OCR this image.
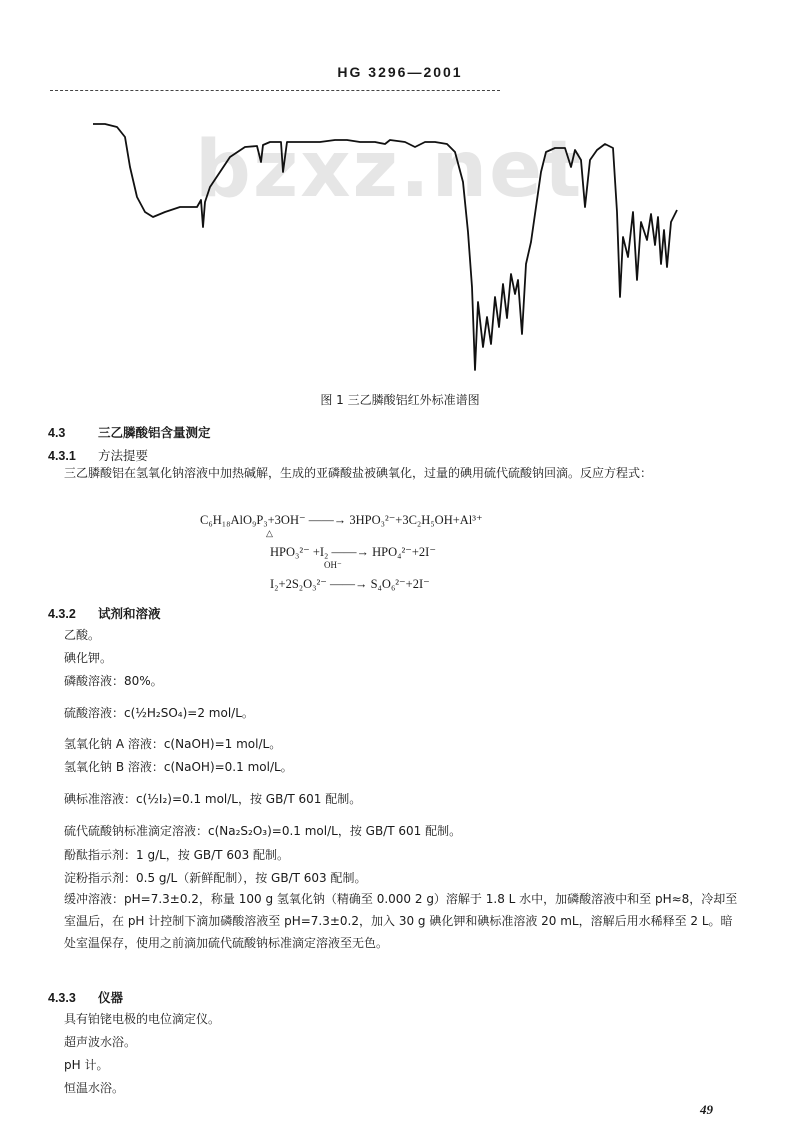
HG 3296—2001
bzxz.net
图 1 三乙膦酸铝红外标准谱图
4.3	三乙膦酸铝含量测定
4.3.1 方法提要
三乙膦酸铝在氢氧化钠溶液中加热碱解，生成的亚磷酸盐被碘氧化，过量的碘用硫代硫酸钠回滴。反应方程式：
C₆H₁₈AlO₉P₃+3OH⁻ ——→ 3HPO₃²⁻+3C₂H₅OH+Al³⁺
△
HPO₃²⁻ +I₂ ——→ HPO₄²⁻+2I⁻
OH⁻
I₂+2S₂O₃²⁻ ——→ S₄O₆²⁻+2I⁻
4.3.2 试剂和溶液
乙酸。
碘化钾。
磷酸溶液：80%。
硫酸溶液：c(½H₂SO₄)=2 mol/L。
氢氧化钠 A 溶液：c(NaOH)=1 mol/L。
氢氧化钠 B 溶液：c(NaOH)=0.1 mol/L。
碘标准溶液：c(½I₂)=0.1 mol/L，按 GB/T 601 配制。
硫代硫酸钠标准滴定溶液：c(Na₂S₂O₃)=0.1 mol/L，按 GB/T 601 配制。
酚酞指示剂：1 g/L，按 GB/T 603 配制。
淀粉指示剂：0.5 g/L（新鲜配制），按 GB/T 603 配制。
缓冲溶液：pH=7.3±0.2，称量 100 g 氢氧化钠（精确至 0.000 2 g）溶解于 1.8 L 水中，加磷酸溶液中和至 pH≈8，冷却至室温后，在 pH 计控制下滴加磷酸溶液至 pH=7.3±0.2，加入 30 g 碘化钾和碘标准溶液 20 mL，溶解后用水稀释至 2 L。暗处室温保存，使用之前滴加硫代硫酸钠标准滴定溶液至无色。
4.3.3 仪器
具有铂铑电极的电位滴定仪。
超声波水浴。
pH 计。
恒温水浴。
49
